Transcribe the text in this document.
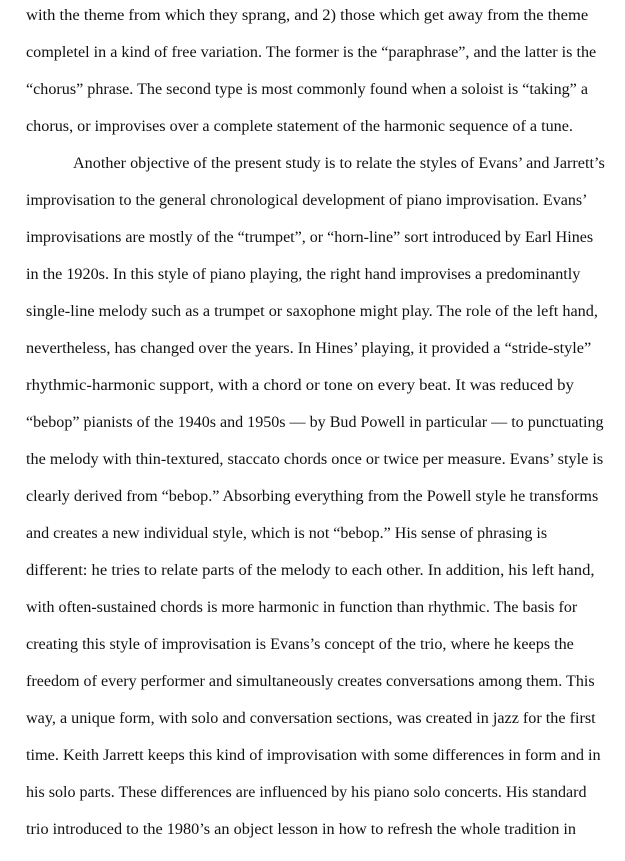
with the theme from which they sprang, and 2) those which get away from the theme
completel in a kind of free variation. The former is the “paraphrase”, and the latter is the
“chorus” phrase. The second type is most commonly found when a soloist is “taking” a
chorus, or improvises over a complete statement of the harmonic sequence of a tune.
Another objective of the present study is to relate the styles of Evans’ and Jarrett’s
improvisation to the general chronological development of piano improvisation. Evans’
improvisations are mostly of the “trumpet”, or “horn-line” sort introduced by Earl Hines
in the 1920s. In this style of piano playing, the right hand improvises a predominantly
single-line melody such as a trumpet or saxophone might play. The role of the left hand,
nevertheless, has changed over the years. In Hines’ playing, it provided a “stride-style”
rhythmic-harmonic support, with a chord or tone on every beat. It was reduced by
“bebop” pianists of the 1940s and 1950s — by Bud Powell in particular — to punctuating
the melody with thin-textured, staccato chords once or twice per measure. Evans’ style is
clearly derived from “bebop.” Absorbing everything from the Powell style he transforms
and creates a new individual style, which is not “bebop.” His sense of phrasing is
different: he tries to relate parts of the melody to each other. In addition, his left hand,
with often-sustained chords is more harmonic in function than rhythmic. The basis for
creating this style of improvisation is Evans’s concept of the trio, where he keeps the
freedom of every performer and simultaneously creates conversations among them. This
way, a unique form, with solo and conversation sections, was created in jazz for the first
time. Keith Jarrett keeps this kind of improvisation with some differences in form and in
his solo parts. These differences are influenced by his piano solo concerts. His standard
trio introduced to the 1980’s an object lesson in how to refresh the whole tradition in
